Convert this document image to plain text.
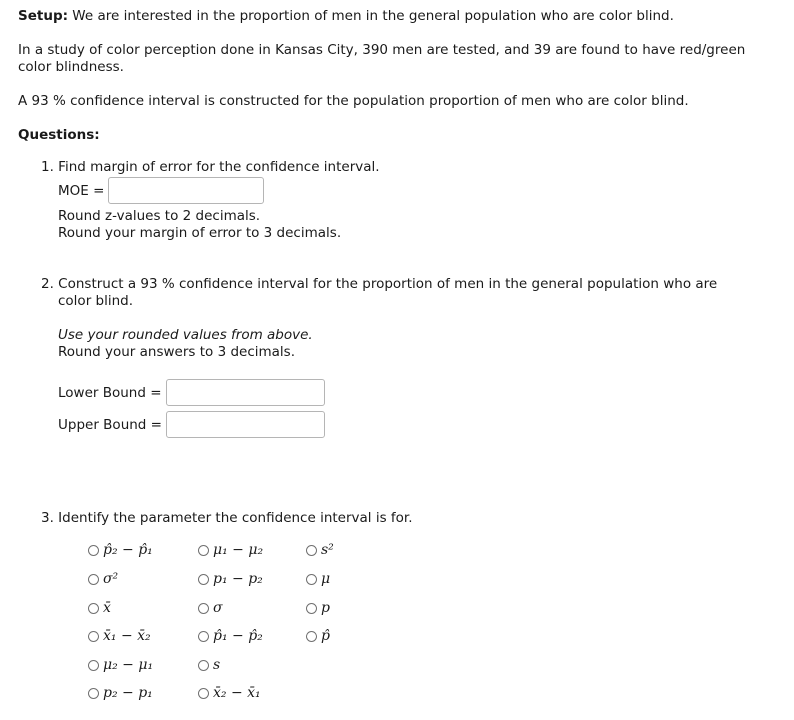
Setup: We are interested in the proportion of men in the general population who are color blind.

In a study of color perception done in Kansas City, 390 men are tested, and 39 are found to have red/green
color blindness.

A 93 % confidence interval is constructed for the population proportion of men who are color blind.

Questions:

1. Find margin of error for the confidence interval.
MOE =
Round z-values to 2 decimals.
Round your margin of error to 3 decimals.
2. Construct a 93 % confidence interval for the proportion of men in the general population who are
color blind.
Use your rounded values from above.
Round your answers to 3 decimals.
Lower Bound =
Upper Bound =
3. Identify the parameter the confidence interval is for.
p̂₂ − p̂₁	μ₁ − μ₂	s²
σ²	p₁ − p₂	μ
x̄	σ	p
x̄₁ − x̄₂	p̂₁ − p̂₂	p̂
μ₂ − μ₁	s
p₂ − p₁	x̄₂ − x̄₁
